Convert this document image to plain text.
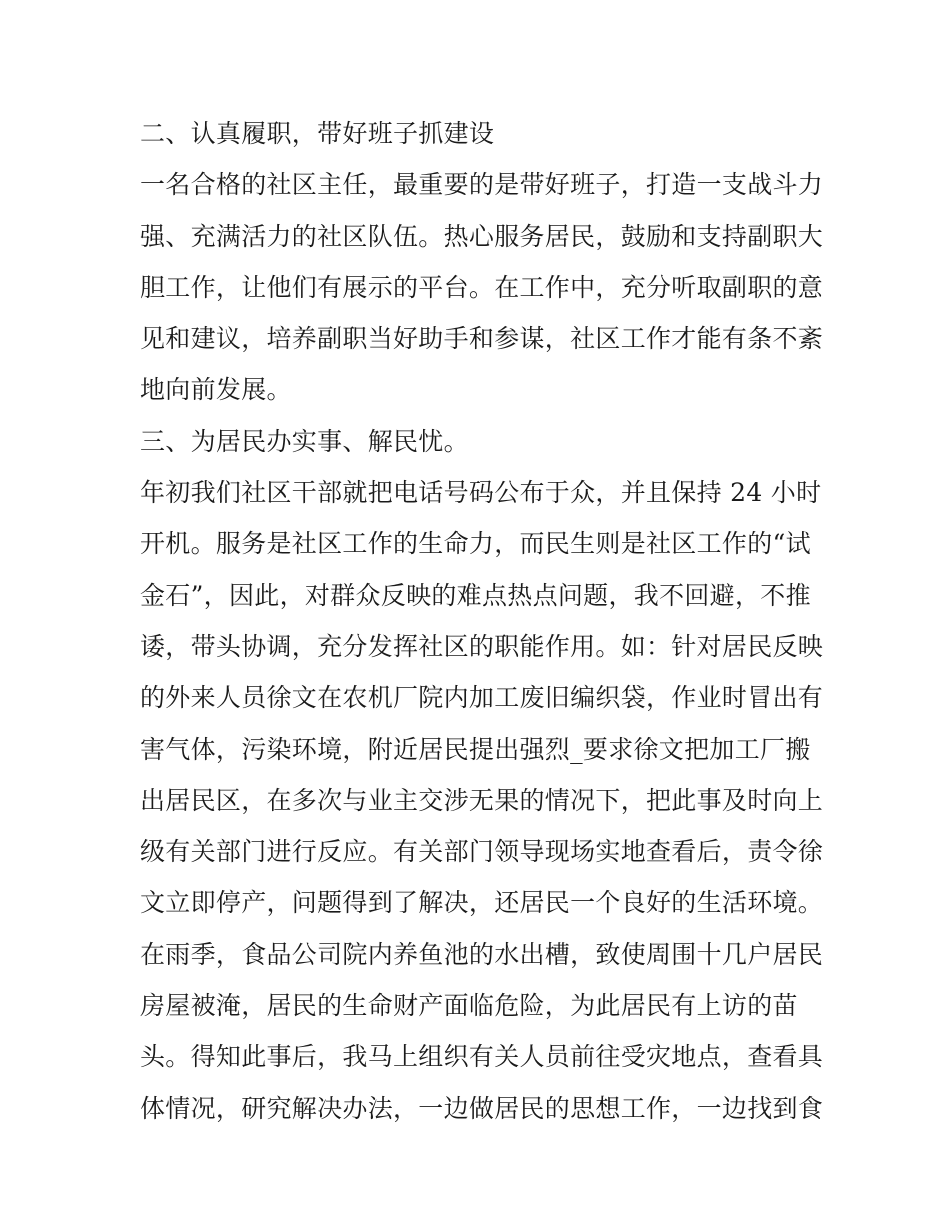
二、认真履职，带好班子抓建设
一名合格的社区主任，最重要的是带好班子，打造一支战斗力
强、充满活力的社区队伍。热心服务居民，鼓励和支持副职大
胆工作，让他们有展示的平台。在工作中，充分听取副职的意
见和建议，培养副职当好助手和参谋，社区工作才能有条不紊
地向前发展。
三、为居民办实事、解民忧。
年初我们社区干部就把电话号码公布于众，并且保持 24 小时
开机。服务是社区工作的生命力，而民生则是社区工作的“试
金石”，因此，对群众反映的难点热点问题，我不回避，不推
诿，带头协调，充分发挥社区的职能作用。如：针对居民反映
的外来人员徐文在农机厂院内加工废旧编织袋，作业时冒出有
害气体，污染环境，附近居民提出强烈_要求徐文把加工厂搬
出居民区，在多次与业主交涉无果的情况下，把此事及时向上
级有关部门进行反应。有关部门领导现场实地查看后，责令徐
文立即停产，问题得到了解决，还居民一个良好的生活环境。
在雨季，食品公司院内养鱼池的水出槽，致使周围十几户居民
房屋被淹，居民的生命财产面临危险，为此居民有上访的苗
头。得知此事后，我马上组织有关人员前往受灾地点，查看具
体情况，研究解决办法，一边做居民的思想工作，一边找到食
